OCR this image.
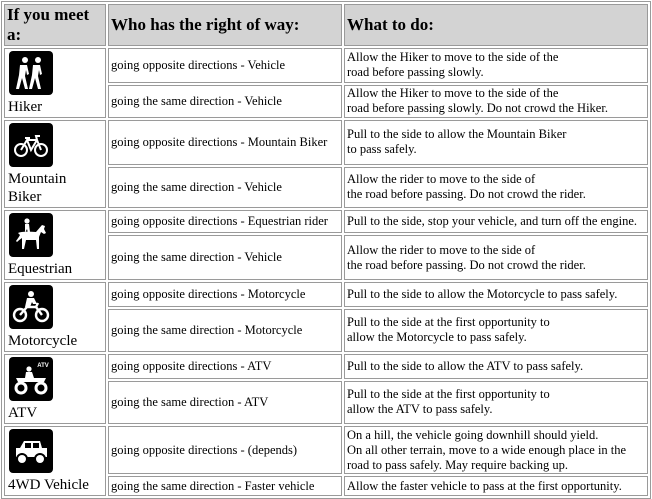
If you meet a:	Who has the right of way:	What to do:

Hiker	going opposite directions - Vehicle	Allow the Hiker to move to the side of the
road before passing slowly.
	going the same direction - Vehicle	Allow the Hiker to move to the side of the
road before passing slowly. Do not crowd the Hiker.

Mountain
Biker	going opposite directions - Mountain Biker	Pull to the side to allow the Mountain Biker
to pass safely.
	going the same direction - Vehicle	Allow the rider to move to the side of
the road before passing. Do not crowd the rider.

Equestrian	going opposite directions - Equestrian rider	Pull to the side, stop your vehicle, and turn off the engine.
	going the same direction - Vehicle	Allow the rider to move to the side of
the road before passing. Do not crowd the rider.

Motorcycle	going opposite directions - Motorcycle	Pull to the side to allow the Motorcycle to pass safely.
	going the same direction - Motorcycle	Pull to the side at the first opportunity to
allow the Motorcycle to pass safely.

ATV
ATV	going opposite directions - ATV	Pull to the side to allow the ATV to pass safely.
	going the same direction - ATV	Pull to the side at the first opportunity to
allow the ATV to pass safely.

4WD Vehicle	going opposite directions - (depends)	On a hill, the vehicle going downhill should yield.
On all other terrain, move to a wide enough place in the
road to pass safely. May require backing up.
	going the same direction - Faster vehicle	Allow the faster vehicle to pass at the first opportunity.
